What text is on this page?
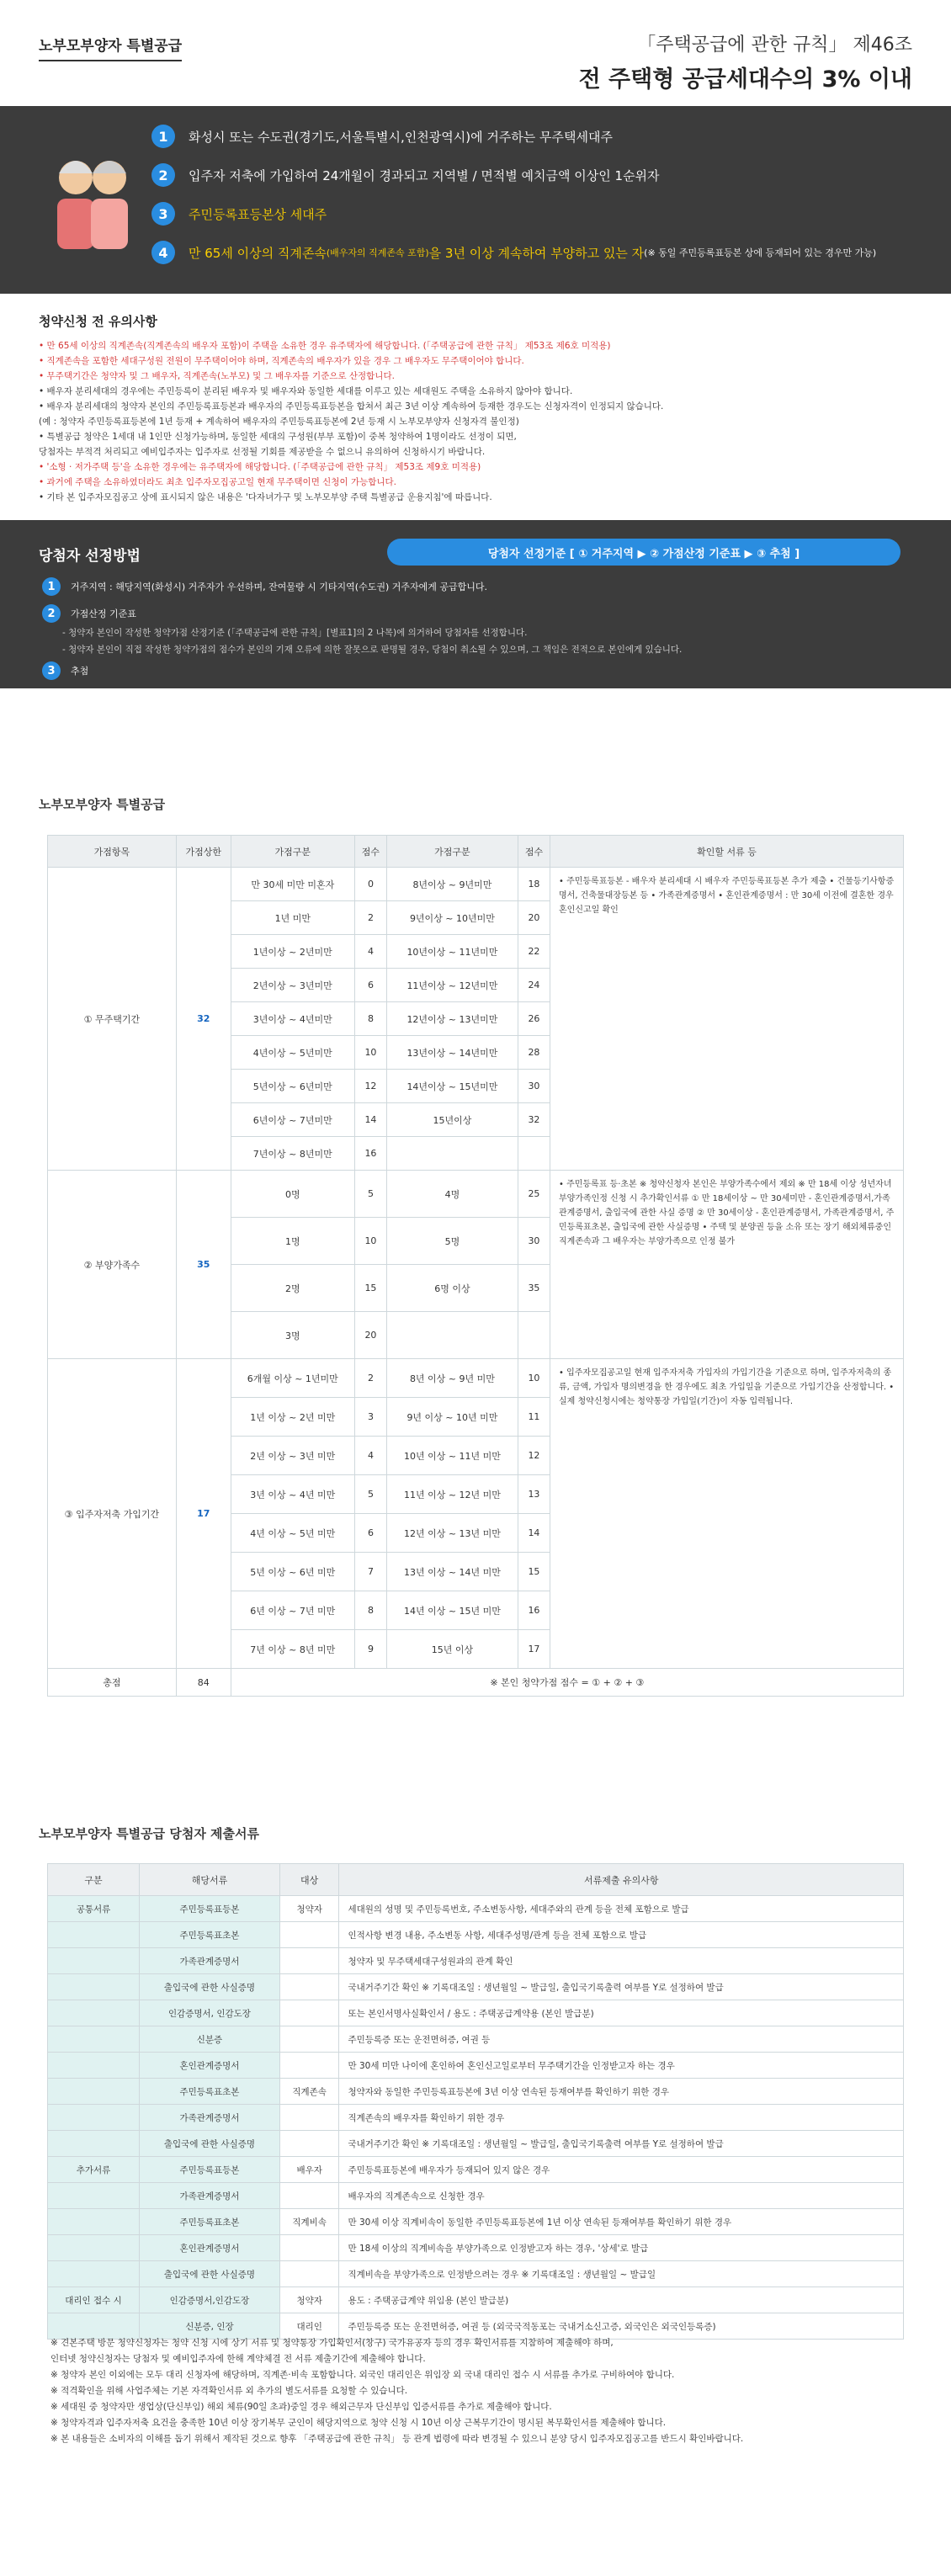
노부모부양자 특별공급	「주택공급에 관한 규칙」 제46조
전 주택형 공급세대수의 3% 이내
1	화성시 또는 수도권(경기도,서울특별시,인천광역시)에 거주하는 무주택세대주
2	입주자 저축에 가입하여 24개월이 경과되고 지역별 / 면적별 예치금액 이상인 1순위자
3	주민등록표등본상 세대주
4	만 65세 이상의 직계존속 (배우자의 직계존속 포함) 을 3년 이상 계속하여 부양하고 있는 자 (※ 동일 주민등록표등본 상에 등재되어 있는 경우만 가능)
청약신청 전 유의사항
• 만 65세 이상의 직계존속(직계존속의 배우자 포함)이 주택을 소유한 경우 유주택자에 해당합니다. (「주택공급에 관한 규칙」 제53조 제6호 미적용)
• 직계존속을 포함한 세대구성원 전원이 무주택이어야 하며, 직계존속의 배우자가 있을 경우 그 배우자도 무주택이어야 합니다.
• 무주택기간은 청약자 및 그 배우자, 직계존속(노부모) 및 그 배우자를 기준으로 산정합니다.
• 배우자 분리세대의 경우에는 주민등록이 분리된 배우자 및 배우자와 동일한 세대를 이루고 있는 세대원도 주택을 소유하지 않아야 합니다.
• 배우자 분리세대의 청약자 본인의 주민등록표등본과 배우자의 주민등록표등본을 합쳐서 최근 3년 이상 계속하여 등재한 경우도는 신청자격이 인정되지 않습니다.
(예 : 청약자 주민등록표등본에 1년 등재 + 계속하여 배우자의 주민등록표등본에 2년 등재 시 노부모부양자 신청자격 불인정)
• 특별공급 청약은 1세대 내 1인만 신청가능하며, 동일한 세대의 구성원(부부 포함)이 중복 청약하여 1명이라도 선정이 되면,
당첨자는 부적격 처리되고 예비입주자는 입주자로 선정될 기회를 제공받을 수 없으니 유의하여 신청하시기 바랍니다.
• '소형 · 저가주택 등'을 소유한 경우에는 유주택자에 해당합니다. (「주택공급에 관한 규칙」 제53조 제9호 미적용)
• 과거에 주택을 소유하였더라도 최초 입주자모집공고일 현재 무주택이면 신청이 가능합니다.
• 기타 본 입주자모집공고 상에 표시되지 않은 내용은 '다자녀가구 및 노부모부양 주택 특별공급 운용지침'에 따릅니다.
당첨자 선정방법	당첨자 선정기준 [ ① 거주지역 ▶ ② 가점산정 기준표 ▶ ③ 추첨 ]
1	거주지역 : 해당지역(화성시) 거주자가 우선하며, 잔여물량 시 기타지역(수도권) 거주자에게 공급합니다.
2	가점산정 기준표
- 청약자 본인이 작성한 청약가점 산정기준 (「주택공급에 관한 규칙」[별표1]의 2 나목)에 의거하여 당첨자를 선정합니다.
- 청약자 본인이 직접 작성한 청약가점의 점수가 본인의 기재 오류에 의한 잘못으로 판명될 경우, 당첨이 취소될 수 있으며, 그 책임은 전적으로 본인에게 있습니다.
3	추첨
노부모부양자 특별공급
가점항목	가점상한	가점구분	점수	가점구분	점수	확인할 서류 등
① 무주택기간	32	만 30세 미만 미혼자	0	8년이상 ~ 9년미만	18	• 주민등록표등본 - 배우자 분리세대 시 배우자 주민등록표등본 추가 제출 • 건물등기사항증명서, 건축물대장등본 등 • 가족관계증명서 • 혼인관계증명서 : 만 30세 이전에 결혼한 경우 혼인신고일 확인
		1년 미만	2	9년이상 ~ 10년미만	20	
		1년이상 ~ 2년미만	4	10년이상 ~ 11년미만	22	
		2년이상 ~ 3년미만	6	11년이상 ~ 12년미만	24	
		3년이상 ~ 4년미만	8	12년이상 ~ 13년미만	26	
		4년이상 ~ 5년미만	10	13년이상 ~ 14년미만	28	
		5년이상 ~ 6년미만	12	14년이상 ~ 15년미만	30	
		6년이상 ~ 7년미만	14	15년이상	32	
		7년이상 ~ 8년미만	16			
② 부양가족수	35	0명	5	4명	25	• 주민등록표 등·초본 ※ 청약신청자 본인은 부양가족수에서 제외 ※ 만 18세 이상 성년자녀 부양가족인정 신청 시 추가확인서류 ① 만 18세이상 ~ 만 30세미만 - 혼인관계증명서,가족관계증명서, 출입국에 관한 사실 증명 ② 만 30세이상 - 혼인관계증명서, 가족관계증명서, 주민등록표초본, 출입국에 관한 사실증명 • 주택 및 분양권 등을 소유 또는 장기 해외체류중인 직계존속과 그 배우자는 부양가족으로 인정 불가
		1명	10	5명	30	
		2명	15	6명 이상	35	
		3명	20			
③ 입주자저축 가입기간	17	6개월 이상 ~ 1년미만	2	8년 이상 ~ 9년 미만	10	• 입주자모집공고일 현재 입주자저축 가입자의 가입기간을 기준으로 하며, 입주자저축의 종류, 금액, 가입자 명의변경을 한 경우에도 최초 가입일을 기준으로 가입기간을 산정합니다. • 실제 청약신청시에는 청약통장 가입일(기간)이 자동 입력됩니다.
		1년 이상 ~ 2년 미만	3	9년 이상 ~ 10년 미만	11	
		2년 이상 ~ 3년 미만	4	10년 이상 ~ 11년 미만	12	
		3년 이상 ~ 4년 미만	5	11년 이상 ~ 12년 미만	13	
		4년 이상 ~ 5년 미만	6	12년 이상 ~ 13년 미만	14	
		5년 이상 ~ 6년 미만	7	13년 이상 ~ 14년 미만	15	
		6년 이상 ~ 7년 미만	8	14년 이상 ~ 15년 미만	16	
		7년 이상 ~ 8년 미만	9	15년 이상	17	
총점	84	※ 본인 청약가점 점수 = ① + ② + ③				
노부모부양자 특별공급 당첨자 제출서류
구분	해당서류	대상	서류제출 유의사항
공통서류	주민등록표등본	청약자	세대원의 성명 및 주민등록번호, 주소변동사항, 세대주와의 관계 등을 전체 포함으로 발급
	주민등록표초본		인적사항 변경 내용, 주소변동 사항, 세대주성명/관계 등을 전체 포함으로 발급
	가족관계증명서		청약자 및 무주택세대구성원과의 관계 확인
	출입국에 관한 사실증명		국내거주기간 확인 ※ 기록대조일 : 생년월일 ~ 발급일, 출입국기록출력 여부를 Y로 설정하여 발급
	인감증명서, 인감도장		또는 본인서명사실확인서 / 용도 : 주택공급계약용 (본인 발급분)
	신분증		주민등록증 또는 운전면허증, 여권 등
	혼인관계증명서		만 30세 미만 나이에 혼인하여 혼인신고일로부터 무주택기간을 인정받고자 하는 경우
	주민등록표초본	직계존속	청약자와 동일한 주민등록표등본에 3년 이상 연속된 등재여부를 확인하기 위한 경우
	가족관계증명서		직계존속의 배우자를 확인하기 위한 경우
	출입국에 관한 사실증명		국내거주기간 확인 ※ 기록대조일 : 생년월일 ~ 발급일, 출입국기록출력 여부를 Y로 설정하여 발급
추가서류	주민등록표등본	배우자	주민등록표등본에 배우자가 등재되어 있지 않은 경우
	가족관계증명서		배우자의 직계존속으로 신청한 경우
	주민등록표초본	직계비속	만 30세 이상 직계비속이 동일한 주민등록표등본에 1년 이상 연속된 등재여부를 확인하기 위한 경우
	혼인관계증명서		만 18세 이상의 직계비속을 부양가족으로 인정받고자 하는 경우, '상세'로 발급
	출입국에 관한 사실증명		직계비속을 부양가족으로 인정받으려는 경우 ※ 기록대조일 : 생년월일 ~ 발급일
대리인 접수 시	인감증명서,인감도장	청약자	용도 : 주택공급계약 위임용 (본인 발급분)
	신분증, 인장	대리인	주민등록증 또는 운전면허증, 여권 등 (외국국적동포는 국내거소신고증, 외국인은 외국인등록증)
※ 견본주택 방문 청약신청자는 청약 신청 시에 상기 서류 및 청약통장 가입확인서(창구) 국가유공자 등의 경우 확인서류를 지참하여 제출해야 하며,
인터넷 청약신청자는 당첨자 및 예비입주자에 한해 계약체결 전 서류 제출기간에 제출해야 합니다.
※ 청약자 본인 이외에는 모두 대리 신청자에 해당하며, 직계존·비속 포함합니다. 외국인 대리인은 위임장 외 국내 대리인 접수 시 서류를 추가로 구비하여야 합니다.
※ 적격확인을 위해 사업주체는 기본 자격확인서류 외 추가의 별도서류를 요청할 수 있습니다.
※ 세대원 중 청약자만 생업상(단신부임) 해외 체류(90일 초과)중일 경우 해외근무자 단신부임 입증서류를 추가로 제출해야 합니다.
※ 청약자격과 입주자저축 요건을 충족한 10년 이상 장기복무 군인이 해당지역으로 청약 신청 시 10년 이상 근복무기간이 명시된 복무확인서를 제출해야 합니다.
※ 본 내용들은 소비자의 이해를 돕기 위해서 제작된 것으로 향후 「주택공급에 관한 규칙」 등 관계 법령에 따라 변경될 수 있으니 분양 당시 입주자모집공고를 반드시 확인바랍니다.
